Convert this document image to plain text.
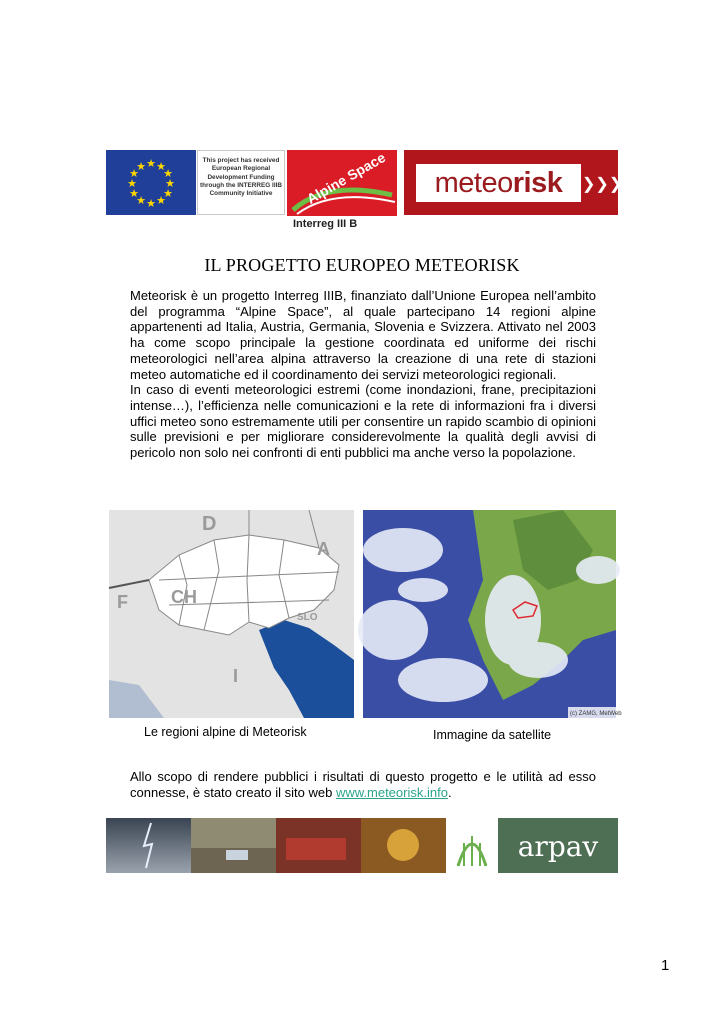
★ ★
★
★
★
★
★
★
★
★
★
★	This project has received
European Regional
Development Funding
through the INTERREG IIIB
Community Initiative	Alpine Space
Interreg III B
meteorisk	❯❯❯
IL PROGETTO EUROPEO METEORISK

Meteorisk è un progetto Interreg IIIB, finanziato dall’Unione Europea nell’ambito del programma “Alpine Space”, al quale partecipano 14 regioni alpine appartenenti ad Italia, Austria, Germania, Slovenia e Svizzera. Attivato nel 2003 ha come scopo principale la gestione coordinata ed uniforme dei rischi meteorologici nell’area alpina attraverso la creazione di una rete di stazioni meteo automatiche ed il coordinamento dei servizi meteorologici regionali.

In caso di eventi meteorologici estremi (come inondazioni, frane, precipitazioni intense…), l’efficienza nelle comunicazioni e la rete di informazioni fra i diversi uffici meteo sono estremamente utili per consentire un rapido scambio di opinioni sulle previsioni e per migliorare considerevolmente la qualità degli avvisi di pericolo non solo nei confronti di enti pubblici ma anche verso la popolazione.

D
A
CH
F
SLO
I
(c) ZAMG, MetWeb
Le regioni alpine di Meteorisk	Immagine da satellite

Allo scopo di rendere pubblici i risultati di questo progetto e le utilità ad esso connesse, è stato creato il sito web www.meteorisk.info.

arpav
1
